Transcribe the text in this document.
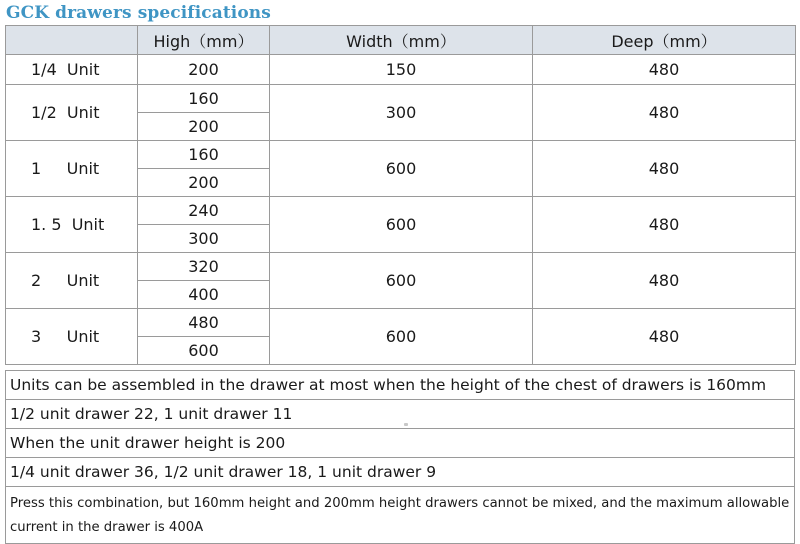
GCK drawers specifications
	High（mm）	Width（mm）	Deep（mm）
1/4  Unit	200	150	480
1/2  Unit	160	300	480
	200		
1     Unit	160	600	480
	200		
1. 5  Unit	240	600	480
	300		
2     Unit	320	600	480
	400		
3     Unit	480	600	480
	600		
Units can be assembled in the drawer at most when the height of the chest of drawers is 160mm
1/2 unit drawer 22, 1 unit drawer 11
When the unit drawer height is 200
1/4 unit drawer 36, 1/2 unit drawer 18, 1 unit drawer 9
Press this combination, but 160mm height and 200mm height drawers cannot be mixed, and the maximum allowable current in the drawer is 400A
